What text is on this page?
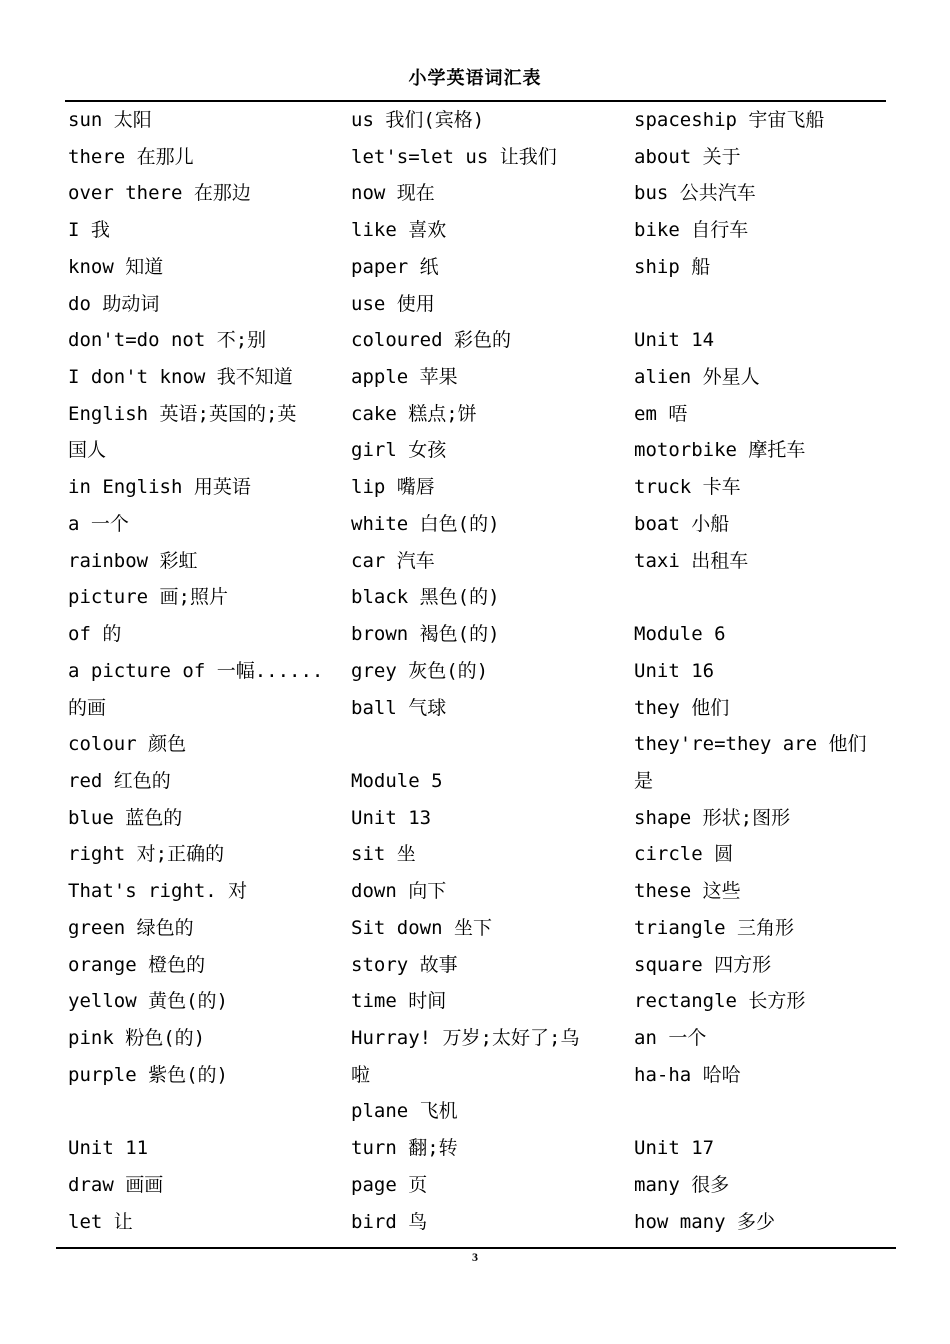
小学英语词汇表
sun 太阳
there 在那儿
over there 在那边
I 我
know 知道
do 助动词
don't=do not 不;别
I don't know 我不知道
English 英语;英国的;英
国人
in English 用英语
a 一个
rainbow 彩虹
picture 画;照片
of 的
a picture of 一幅......
的画
colour 颜色
red 红色的
blue 蓝色的
right 对;正确的
That's right. 对
green 绿色的
orange 橙色的
yellow 黄色(的)
pink 粉色(的)
purple 紫色(的)
Unit 11
draw 画画
let 让
us 我们(宾格)
let's=let us 让我们
now 现在
like 喜欢
paper 纸
use 使用
coloured 彩色的
apple 苹果
cake 糕点;饼
girl 女孩
lip 嘴唇
white 白色(的)
car 汽车
black 黑色(的)
brown 褐色(的)
grey 灰色(的)
ball 气球
Module 5
Unit 13
sit 坐
down 向下
Sit down 坐下
story 故事
time 时间
Hurray! 万岁;太好了;乌
啦
plane 飞机
turn 翻;转
page 页
bird 鸟
spaceship 宇宙飞船
about 关于
bus 公共汽车
bike 自行车
ship 船
Unit 14
alien 外星人
em 唔
motorbike 摩托车
truck 卡车
boat 小船
taxi 出租车
Module 6
Unit 16
they 他们
they're=they are 他们
是
shape 形状;图形
circle 圆
these 这些
triangle 三角形
square 四方形
rectangle 长方形
an 一个
ha-ha 哈哈
Unit 17
many 很多
how many 多少
3
